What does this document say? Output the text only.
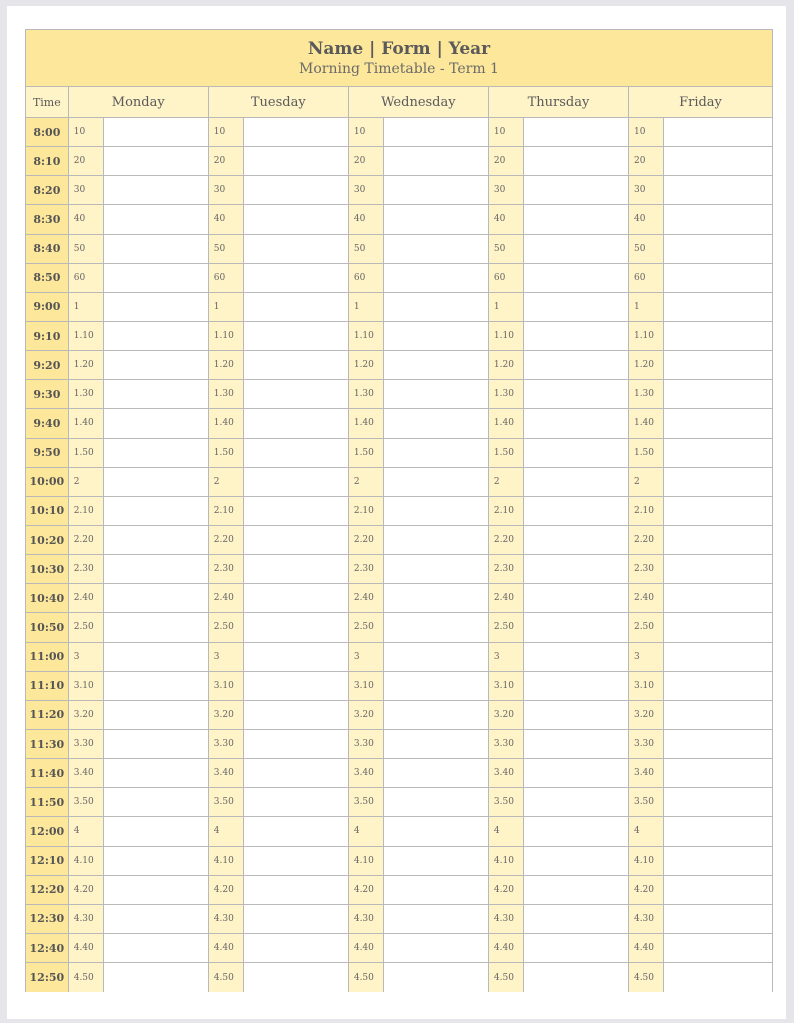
Name | Form | Year
Morning Timetable - Term 1
Time	Monday	Tuesday	Wednesday	Thursday	Friday
8:00	10	10	10	10	10
8:10	20	20	20	20	20
8:20	30	30	30	30	30
8:30	40	40	40	40	40
8:40	50	50	50	50	50
8:50	60	60	60	60	60
9:00	1	1	1	1	1
9:10	1.10	1.10	1.10	1.10	1.10
9:20	1.20	1.20	1.20	1.20	1.20
9:30	1.30	1.30	1.30	1.30	1.30
9:40	1.40	1.40	1.40	1.40	1.40
9:50	1.50	1.50	1.50	1.50	1.50
10:00	2	2	2	2	2
10:10	2.10	2.10	2.10	2.10	2.10
10:20	2.20	2.20	2.20	2.20	2.20
10:30	2.30	2.30	2.30	2.30	2.30
10:40	2.40	2.40	2.40	2.40	2.40
10:50	2.50	2.50	2.50	2.50	2.50
11:00	3	3	3	3	3
11:10	3.10	3.10	3.10	3.10	3.10
11:20	3.20	3.20	3.20	3.20	3.20
11:30	3.30	3.30	3.30	3.30	3.30
11:40	3.40	3.40	3.40	3.40	3.40
11:50	3.50	3.50	3.50	3.50	3.50
12:00	4	4	4	4	4
12:10	4.10	4.10	4.10	4.10	4.10
12:20	4.20	4.20	4.20	4.20	4.20
12:30	4.30	4.30	4.30	4.30	4.30
12:40	4.40	4.40	4.40	4.40	4.40
12:50	4.50	4.50	4.50	4.50	4.50
